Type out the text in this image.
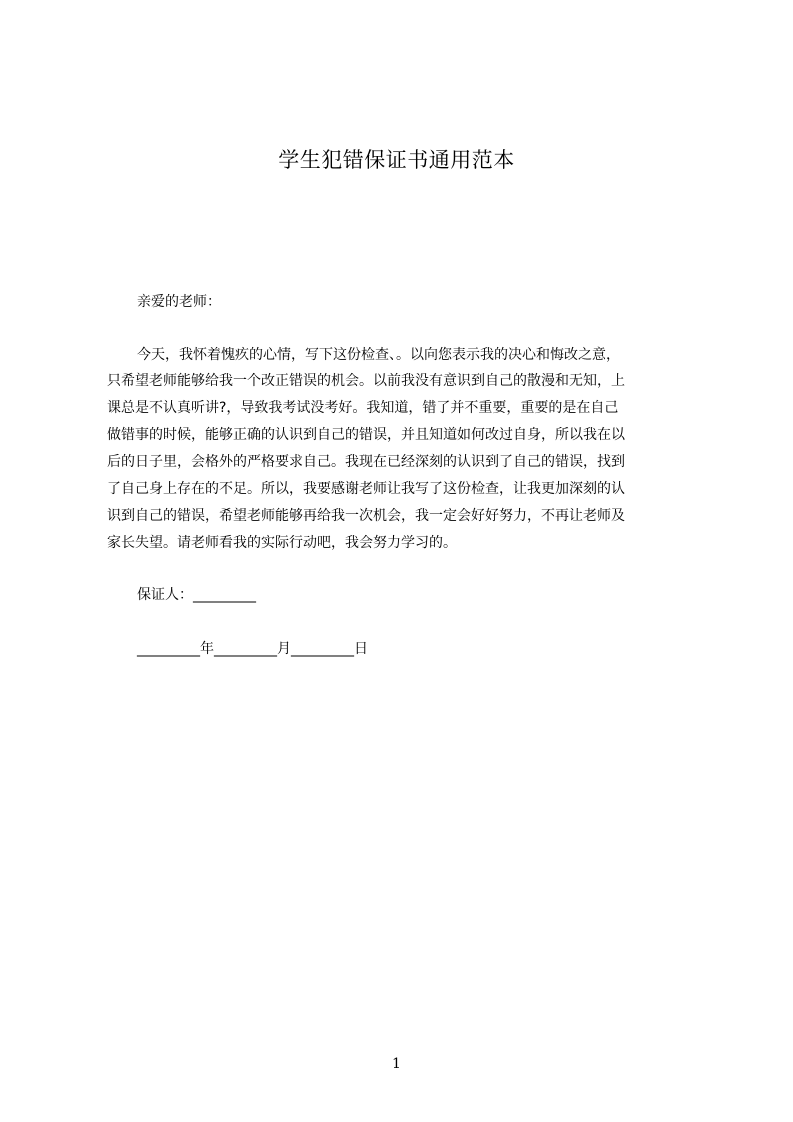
学生犯错保证书通用范本
亲爱的老师：
今天，我怀着愧疚的心情，写下这份检查、。以向您表示我的决心和悔改之意，
只希望老师能够给我一个改正错误的机会。以前我没有意识到自己的散漫和无知，上
课总是不认真听讲?，导致我考试没考好。我知道，错了并不重要，重要的是在自己
做错事的时候，能够正确的认识到自己的错误，并且知道如何改过自身，所以我在以
后的日子里，会格外的严格要求自己。我现在已经深刻的认识到了自己的错误，找到
了自己身上存在的不足。所以，我要感谢老师让我写了这份检查，让我更加深刻的认
识到自己的错误，希望老师能够再给我一次机会，我一定会好好努力，不再让老师及
家长失望。请老师看我的实际行动吧，我会努力学习的。
保证人：_________
_________年_________月_________日
1
